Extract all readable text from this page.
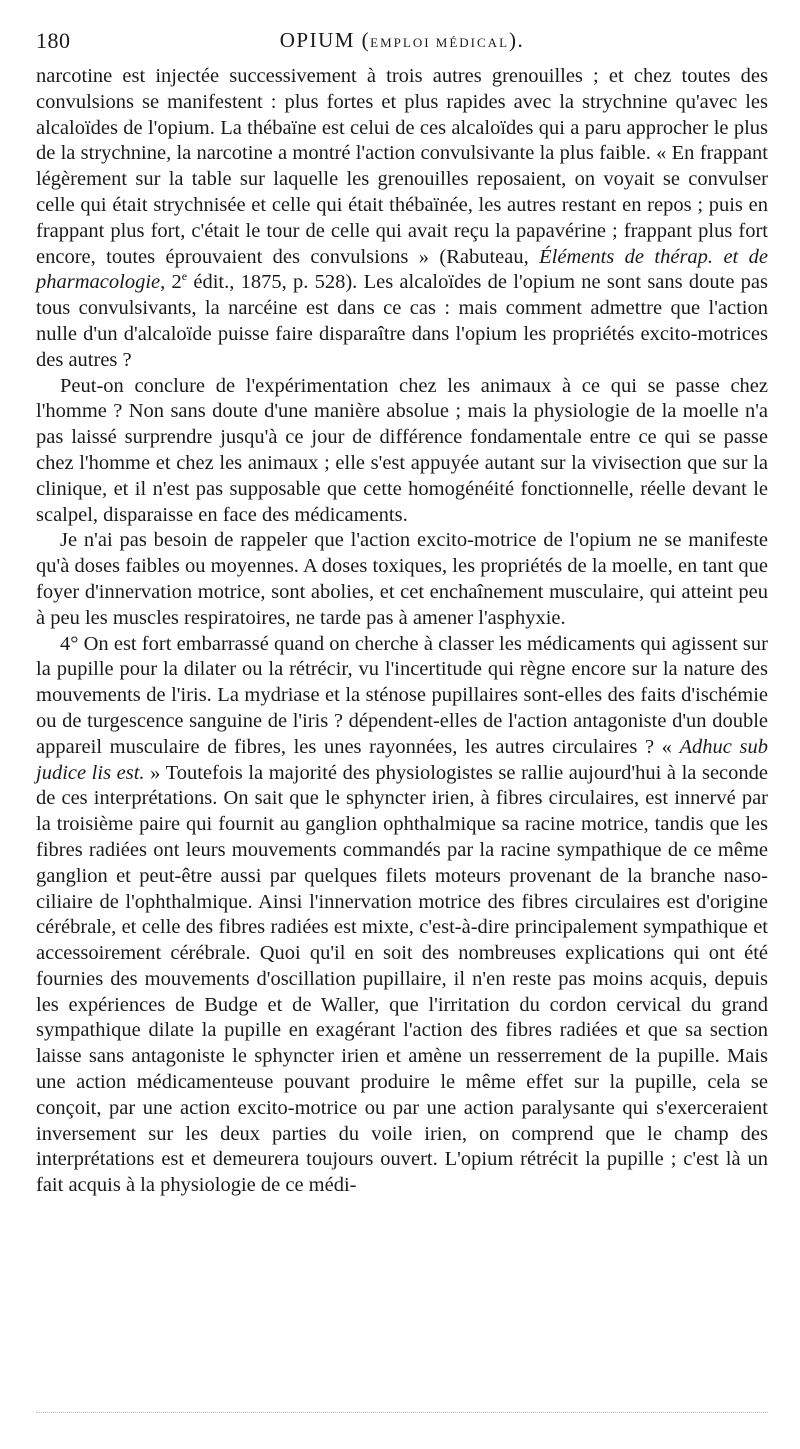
180	OPIUM (EMPLOI MÉDICAL).

narcotine est injectée successivement à trois autres grenouilles ; et chez toutes des convulsions se manifestent : plus fortes et plus rapides avec la strychnine qu'avec les alcaloïdes de l'opium. La thébaïne est celui de ces alcaloïdes qui a paru approcher le plus de la strychnine, la narcotine a montré l'action convulsivante la plus faible. « En frappant légèrement sur la table sur laquelle les grenouilles reposaient, on voyait se convulser celle qui était strychnisée et celle qui était thébaïnée, les autres restant en repos ; puis en frappant plus fort, c'était le tour de celle qui avait reçu la papavérine ; frappant plus fort encore, toutes éprouvaient des convulsions » (Rabuteau, Éléments de thérap. et de pharmacologie, 2e édit., 1875, p. 528). Les alcaloïdes de l'opium ne sont sans doute pas tous convulsivants, la narcéine est dans ce cas : mais comment admettre que l'action nulle d'un d'alcaloïde puisse faire disparaître dans l'opium les propriétés excito-motrices des autres ?

Peut-on conclure de l'expérimentation chez les animaux à ce qui se passe chez l'homme ? Non sans doute d'une manière absolue ; mais la physiologie de la moelle n'a pas laissé surprendre jusqu'à ce jour de différence fondamentale entre ce qui se passe chez l'homme et chez les animaux ; elle s'est appuyée autant sur la vivisection que sur la clinique, et il n'est pas supposable que cette homogénéité fonctionnelle, réelle devant le scalpel, disparaisse en face des médicaments.

Je n'ai pas besoin de rappeler que l'action excito-motrice de l'opium ne se manifeste qu'à doses faibles ou moyennes. A doses toxiques, les propriétés de la moelle, en tant que foyer d'innervation motrice, sont abolies, et cet enchaînement musculaire, qui atteint peu à peu les muscles respiratoires, ne tarde pas à amener l'asphyxie.

4° On est fort embarrassé quand on cherche à classer les médicaments qui agissent sur la pupille pour la dilater ou la rétrécir, vu l'incertitude qui règne encore sur la nature des mouvements de l'iris. La mydriase et la sténose pupillaires sont-elles des faits d'ischémie ou de turgescence sanguine de l'iris ? dépendent-elles de l'action antagoniste d'un double appareil musculaire de fibres, les unes rayonnées, les autres circulaires ? « Adhuc sub judice lis est. » Toutefois la majorité des physiologistes se rallie aujourd'hui à la seconde de ces interprétations. On sait que le sphyncter irien, à fibres circulaires, est innervé par la troisième paire qui fournit au ganglion ophthalmique sa racine motrice, tandis que les fibres radiées ont leurs mouvements commandés par la racine sympathique de ce même ganglion et peut-être aussi par quelques filets moteurs provenant de la branche naso-ciliaire de l'ophthalmique. Ainsi l'innervation motrice des fibres circulaires est d'origine cérébrale, et celle des fibres radiées est mixte, c'est-à-dire principalement sympathique et accessoirement cérébrale. Quoi qu'il en soit des nombreuses explications qui ont été fournies des mouvements d'oscillation pupillaire, il n'en reste pas moins acquis, depuis les expériences de Budge et de Waller, que l'irritation du cordon cervical du grand sympathique dilate la pupille en exagérant l'action des fibres radiées et que sa section laisse sans antagoniste le sphyncter irien et amène un resserrement de la pupille. Mais une action médicamenteuse pouvant produire le même effet sur la pupille, cela se conçoit, par une action excito-motrice ou par une action paralysante qui s'exerceraient inversement sur les deux parties du voile irien, on comprend que le champ des interprétations est et demeurera toujours ouvert. L'opium rétrécit la pupille ; c'est là un fait acquis à la physiologie de ce médi-
